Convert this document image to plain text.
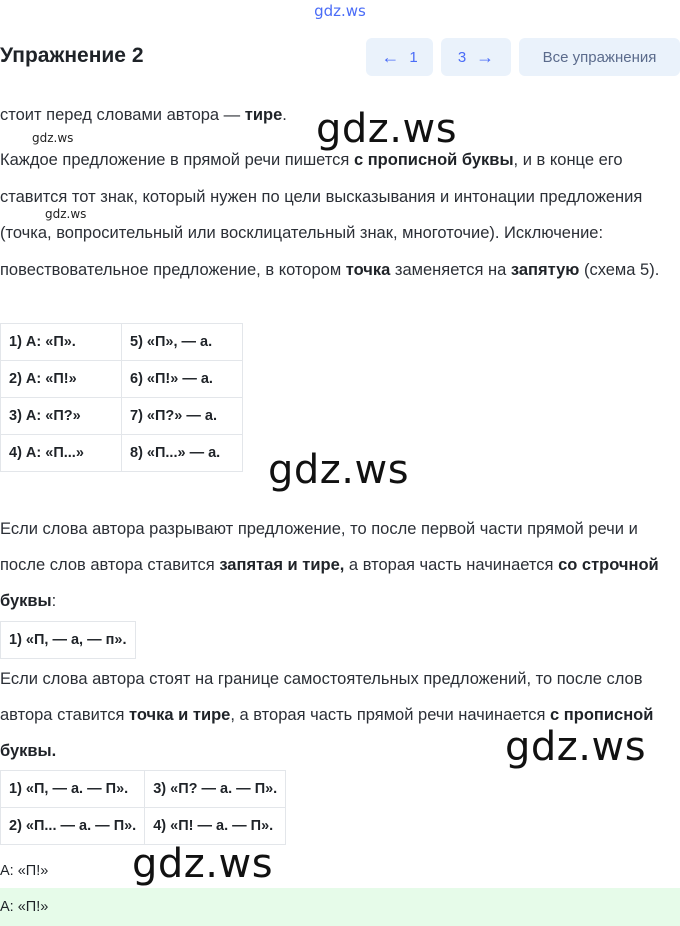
gdz.ws
Упражнение 2	← 1	3 →	Все упражнения
стоит перед словами автора — тире.
Каждое предложение в прямой речи пишется с прописной буквы, и в конце его ставится тот знак, который нужен по цели высказывания и интонации предложения (точка, вопросительный или восклицательный знак, многоточие). Исключение: повествовательное предложение, в котором точка заменяется на запятую (схема 5).
1) А: «П».	5) «П», — а.
2) А: «П!»	6) «П!» — а.
3) А: «П?»	7) «П?» — а.
4) А: «П...»	8) «П...» — а.
Если слова автора разрывают предложение, то после первой части прямой речи и после слов автора ставится запятая и тире, а вторая часть начинается со строчной буквы:
1) «П, — а, — п».
Если слова автора стоят на границе самостоятельных предложений, то после слов автора ставится точка и тире, а вторая часть прямой речи начинается с прописной буквы.
1) «П, — а. — П».	3) «П? — а. — П».
2) «П... — а. — П».	4) «П! — а. — П».
А: «П!»
А: «П!»
gdz.ws
gdz.ws
gdz.ws
gdz.ws
gdz.ws
gdz.ws
